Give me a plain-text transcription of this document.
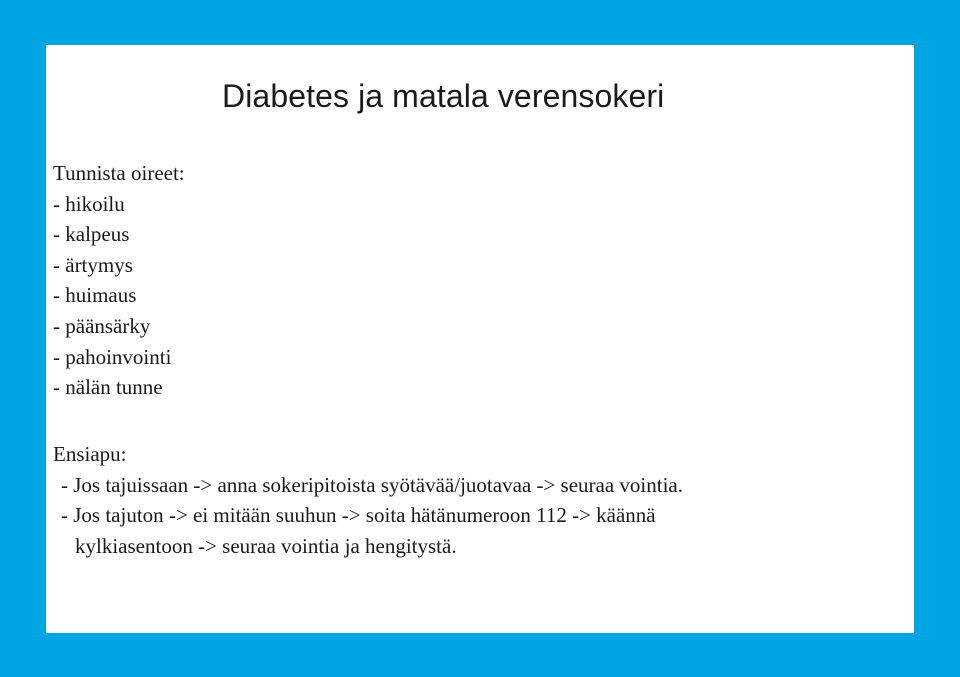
Diabetes ja matala verensokeri
Tunnista oireet:
- hikoilu
- kalpeus
- ärtymys
- huimaus
- päänsärky
- pahoinvointi
- nälän tunne
Ensiapu:
- Jos tajuissaan -> anna sokeripitoista syötävää/juotavaa -> seuraa vointia.
- Jos tajuton -> ei mitään suuhun -> soita hätänumeroon 112 -> käännä
kylkiasentoon -> seuraa vointia ja hengitystä.
